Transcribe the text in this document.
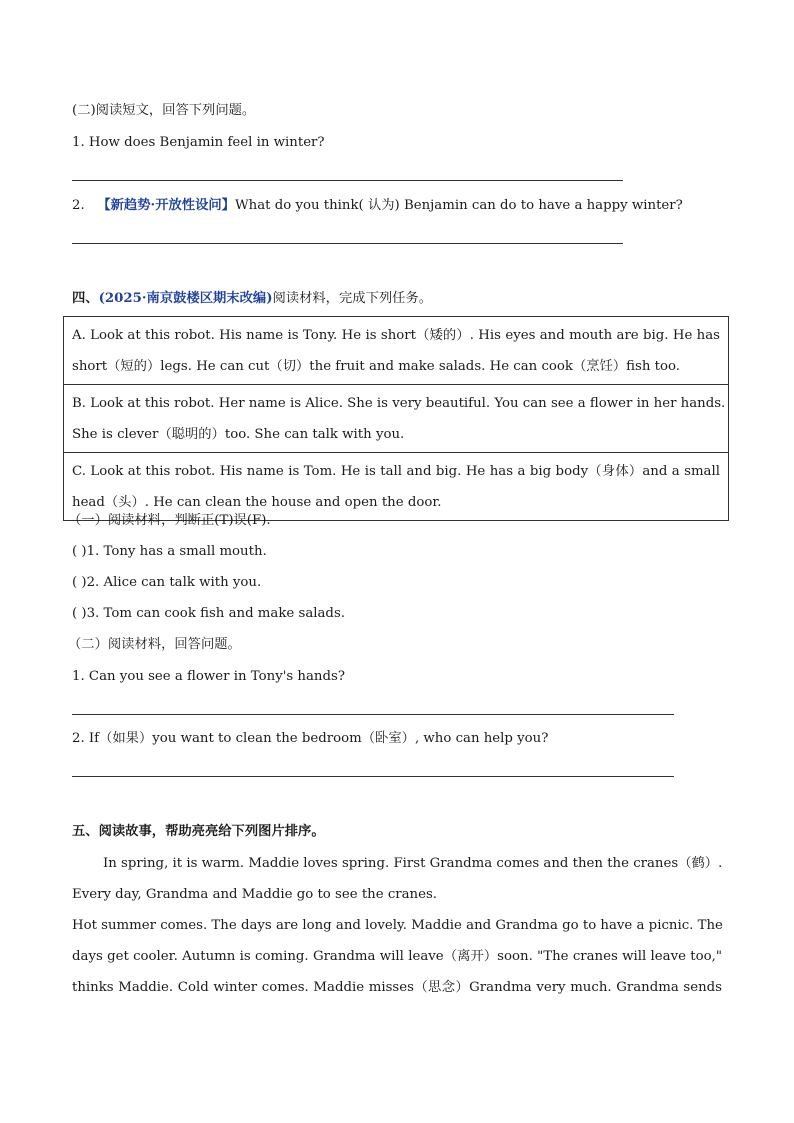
(二)阅读短文，回答下列问题。
1. How does Benjamin feel in winter?
2. 【新趋势·开放性设问】What do you think( 认为) Benjamin can do to have a happy winter?
四、(2025·南京鼓楼区期末改编)阅读材料，完成下列任务。
A. Look at this robot. His name is Tony. He is short（矮的）. His eyes and mouth are big. He has
short（短的）legs. He can cut（切）the fruit and make salads. He can cook（烹饪）fish too.
B. Look at this robot. Her name is Alice. She is very beautiful. You can see a flower in her hands.
She is clever（聪明的）too. She can talk with you.
C. Look at this robot. His name is Tom. He is tall and big. He has a big body（身体）and a small
head（头）. He can clean the house and open the door.
（一）阅读材料，判断正(T)误(F).
( )1. Tony has a small mouth.
( )2. Alice can talk with you.
( )3. Tom can cook fish and make salads.
（二）阅读材料，回答问题。
1. Can you see a flower in Tony's hands?
2. If（如果）you want to clean the bedroom（卧室）, who can help you?
五、阅读故事，帮助亮亮给下列图片排序。
In spring, it is warm. Maddie loves spring. First Grandma comes and then the cranes（鹤）.
Every day, Grandma and Maddie go to see the cranes.
Hot summer comes. The days are long and lovely. Maddie and Grandma go to have a picnic. The
days get cooler. Autumn is coming. Grandma will leave（离开）soon. "The cranes will leave too,"
thinks Maddie. Cold winter comes. Maddie misses（思念）Grandma very much. Grandma sends
